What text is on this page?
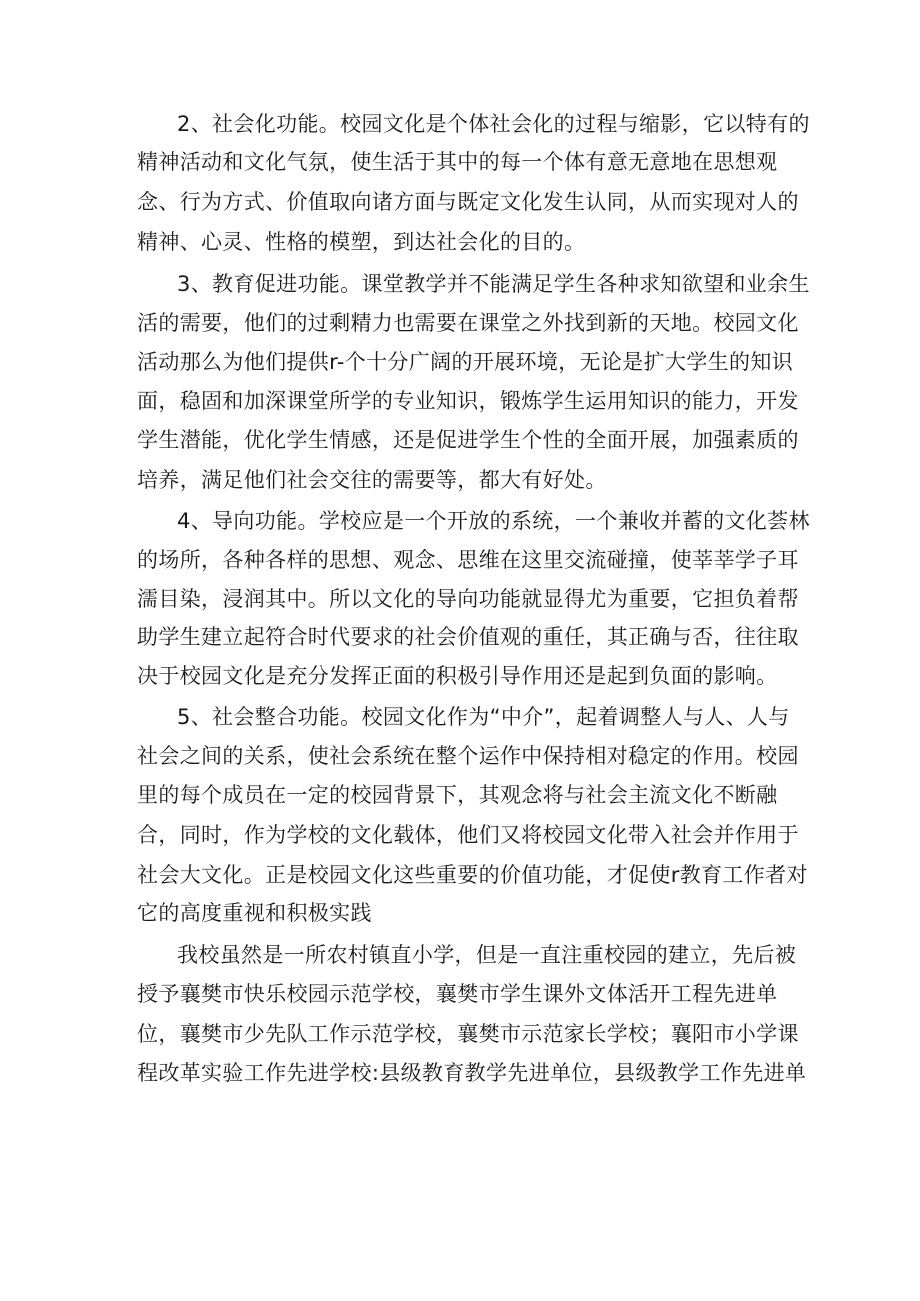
2、社会化功能。校园文化是个体社会化的过程与缩影，它以特有的
精神活动和文化气氛，使生活于其中的每一个体有意无意地在思想观
念、行为方式、价值取向诸方面与既定文化发生认同，从而实现对人的
精神、心灵、性格的模塑，到达社会化的目的。
3、教育促进功能。课堂教学并不能满足学生各种求知欲望和业余生
活的需要，他们的过剩精力也需要在课堂之外找到新的天地。校园文化
活动那么为他们提供r-个十分广阔的开展环境，无论是扩大学生的知识
面，稳固和加深课堂所学的专业知识，锻炼学生运用知识的能力，开发
学生潜能，优化学生情感，还是促进学生个性的全面开展，加强素质的
培养，满足他们社会交往的需要等，都大有好处。
4、导向功能。学校应是一个开放的系统，一个兼收并蓄的文化荟林
的场所，各种各样的思想、观念、思维在这里交流碰撞，使莘莘学子耳
濡目染，浸润其中。所以文化的导向功能就显得尤为重要，它担负着帮
助学生建立起符合时代要求的社会价值观的重任，其正确与否，往往取
决于校园文化是充分发挥正面的积极引导作用还是起到负面的影响。
5、社会整合功能。校园文化作为“中介”，起着调整人与人、人与
社会之间的关系，使社会系统在整个运作中保持相对稳定的作用。校园
里的每个成员在一定的校园背景下，其观念将与社会主流文化不断融
合，同时，作为学校的文化载体，他们又将校园文化带入社会并作用于
社会大文化。正是校园文化这些重要的价值功能，才促使r教育工作者对
它的高度重视和积极实践
我校虽然是一所农村镇直小学，但是一直注重校园的建立，先后被
授予襄樊市快乐校园示范学校，襄樊市学生课外文体活开工程先进单
位，襄樊市少先队工作示范学校，襄樊市示范家长学校；襄阳市小学课
程改革实验工作先进学校:县级教育教学先进单位，县级教学工作先进单
